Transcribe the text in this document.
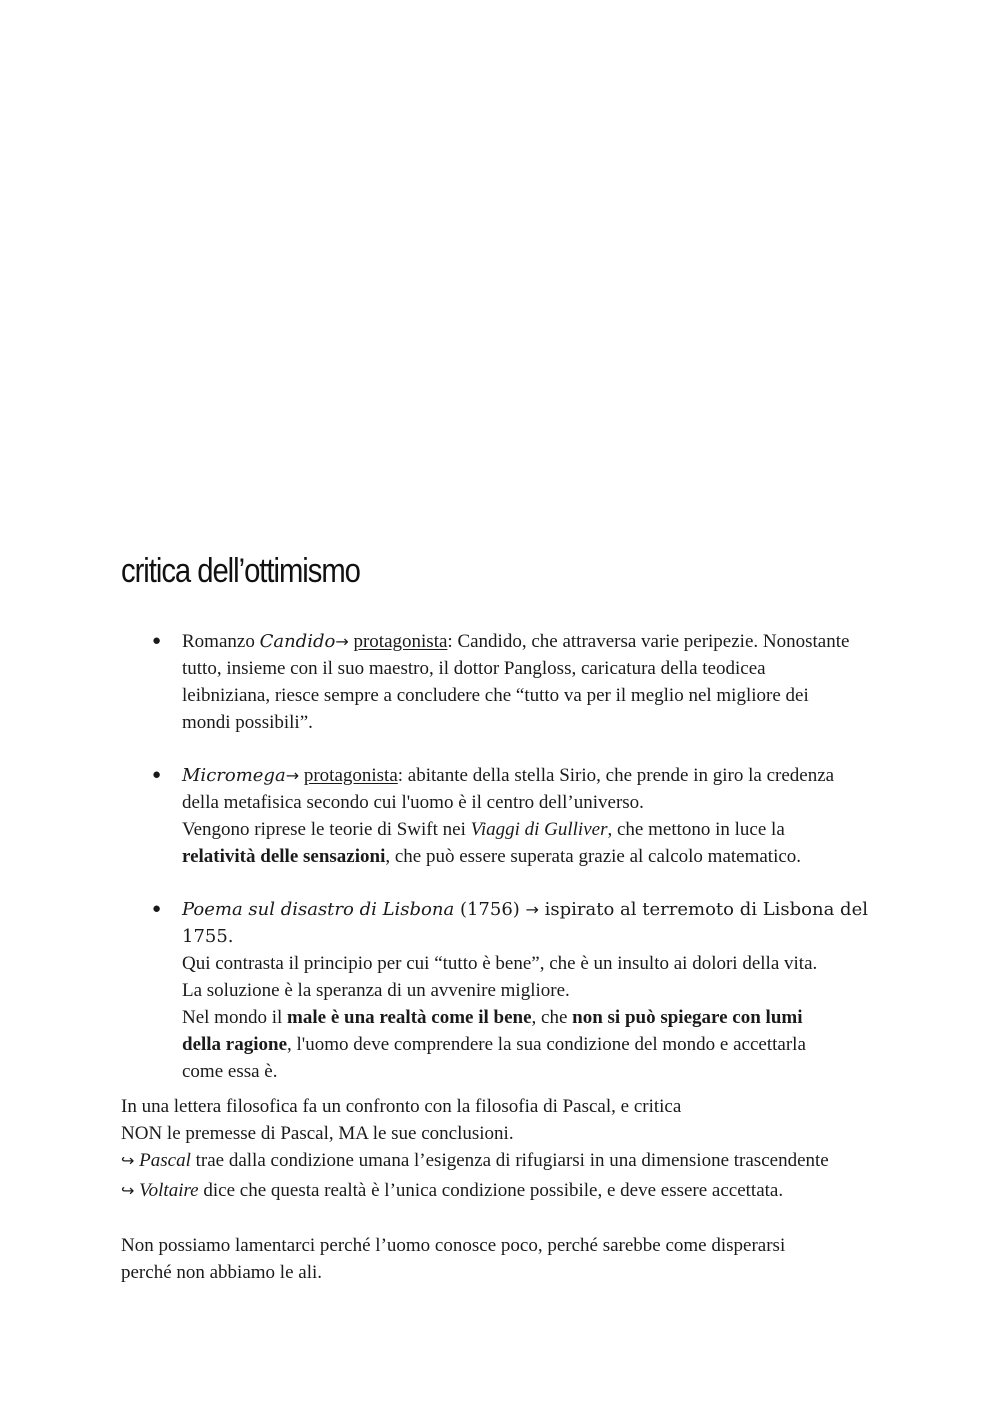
critica dell’ottimismo
● Romanzo Candido→ protagonista: Candido, che attraversa varie peripezie. Nonostante
tutto, insieme con il suo maestro, il dottor Pangloss, caricatura della teodicea
leibniziana, riesce sempre a concludere che “tutto va per il meglio nel migliore dei
mondi possibili”.
● Micromega→ protagonista: abitante della stella Sirio, che prende in giro la credenza
della metafisica secondo cui l'uomo è il centro dell’universo.
Vengono riprese le teorie di Swift nei Viaggi di Gulliver, che mettono in luce la
relatività delle sensazioni, che può essere superata grazie al calcolo matematico.
● Poema sul disastro di Lisbona (1756) → ispirato al terremoto di Lisbona del 1755.
Qui contrasta il principio per cui “tutto è bene”, che è un insulto ai dolori della vita.
La soluzione è la speranza di un avvenire migliore.
Nel mondo il male è una realtà come il bene, che non si può spiegare con lumi
della ragione, l'uomo deve comprendere la sua condizione del mondo e accettarla
come essa è.

In una lettera filosofica fa un confronto con la filosofia di Pascal, e critica
NON le premesse di Pascal, MA le sue conclusioni.

↪ Pascal trae dalla condizione umana l’esigenza di rifugiarsi in una dimensione trascendente

↪ Voltaire dice che questa realtà è l’unica condizione possibile, e deve essere accettata.

Non possiamo lamentarci perché l’uomo conosce poco, perché sarebbe come disperarsi
perché non abbiamo le ali.
